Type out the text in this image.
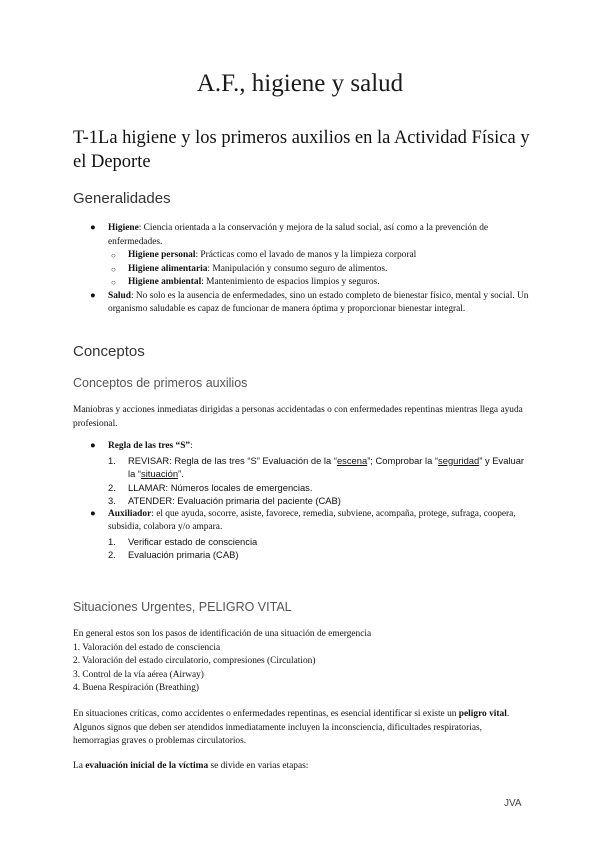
A.F., higiene y salud
T-1La higiene y los primeros auxilios en la Actividad Física y el Deporte
Generalidades
●	Higiene: Ciencia orientada a la conservación y mejora de la salud social, así como a la prevención de enfermedades.
○	Higiene personal: Prácticas como el lavado de manos y la limpieza corporal
○	Higiene alimentaria: Manipulación y consumo seguro de alimentos.
○	Higiene ambiental: Mantenimiento de espacios limpios y seguros.
●	Salud: No solo es la ausencia de enfermedades, sino un estado completo de bienestar físico, mental y social. Un organismo saludable es capaz de funcionar de manera óptima y proporcionar bienestar integral.
Conceptos
Conceptos de primeros auxilios

Maniobras y acciones inmediatas dirigidas a personas accidentadas o con enfermedades repentinas mientras llega ayuda profesional.

●	Regla de las tres “S”:
1.	REVISAR: Regla de las tres “S” Evaluación de la “escena”; Comprobar la “seguridad” y Evaluar la “situación”.
2.	LLAMAR: Números locales de emergencias.
3.	ATENDER: Evaluación primaria del paciente (CAB)
●	Auxiliador: el que ayuda, socorre, asiste, favorece, remedia, subviene, acompaña, protege, sufraga, coopera, subsidia, colabora y/o ampara.
1.	Verificar estado de consciencia
2.	Evaluación primaria (CAB)
Situaciones Urgentes, PELIGRO VITAL
En general estos son los pasos de identificación de una situación de emergencia
1. Valoración del estado de consciencia
2. Valoración del estado circulatorio, compresiones (Circulation)
3. Control de la vía aérea (Airway)
4. Buena Respiración (Breathing)

En situaciones críticas, como accidentes o enfermedades repentinas, es esencial identificar si existe un peligro vital. Algunos signos que deben ser atendidos inmediatamente incluyen la inconsciencia, dificultades respiratorias, hemorragias graves o problemas circulatorios.

La evaluación inicial de la víctima se divide en varias etapas:

JVA
